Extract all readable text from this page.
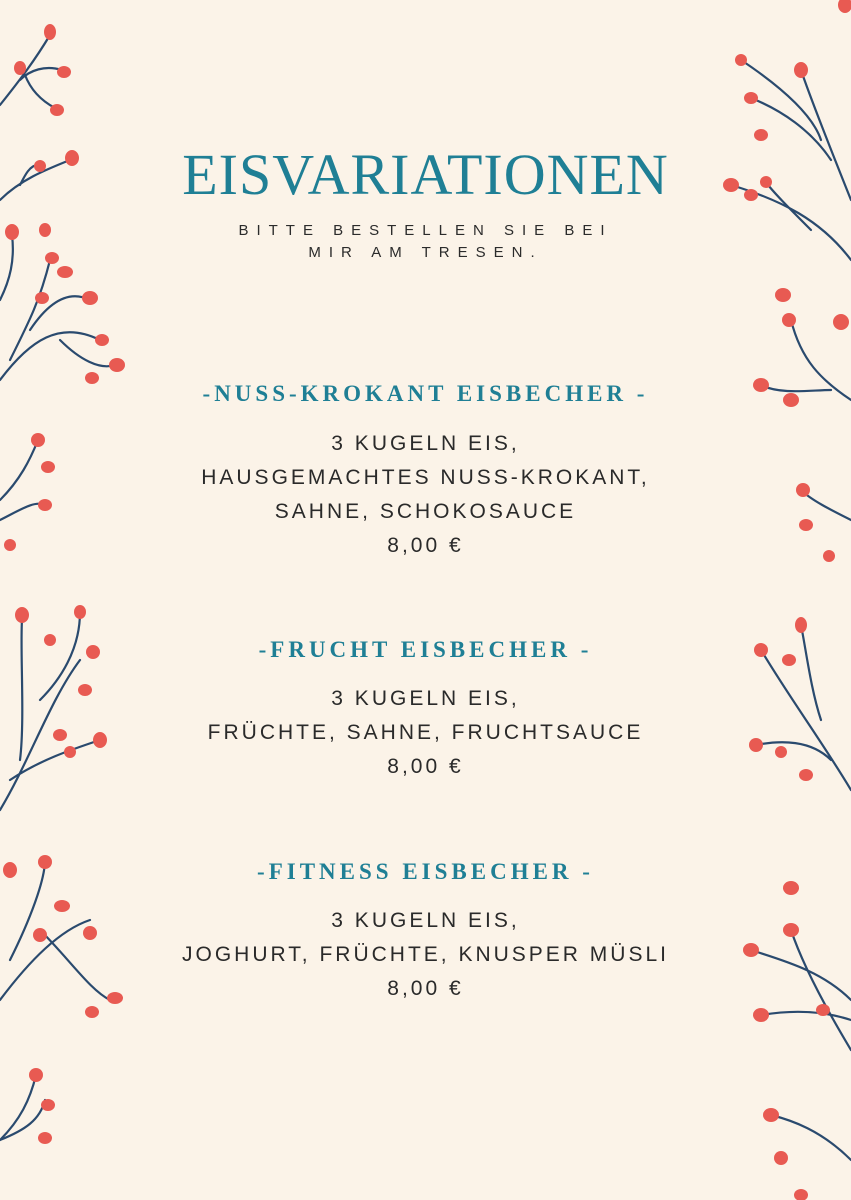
EISVARIATIONEN
BITTE BESTELLEN SIE BEI
MIR AM TRESEN.
-NUSS-KROKANT EISBECHER -
3 KUGELN EIS,
HAUSGEMACHTES NUSS-KROKANT,
SAHNE, SCHOKOSAUCE
8,00 €
-FRUCHT EISBECHER -
3 KUGELN EIS,
FRÜCHTE, SAHNE, FRUCHTSAUCE
8,00 €
-FITNESS EISBECHER -
3 KUGELN EIS,
JOGHURT, FRÜCHTE, KNUSPER MÜSLI
8,00 €
